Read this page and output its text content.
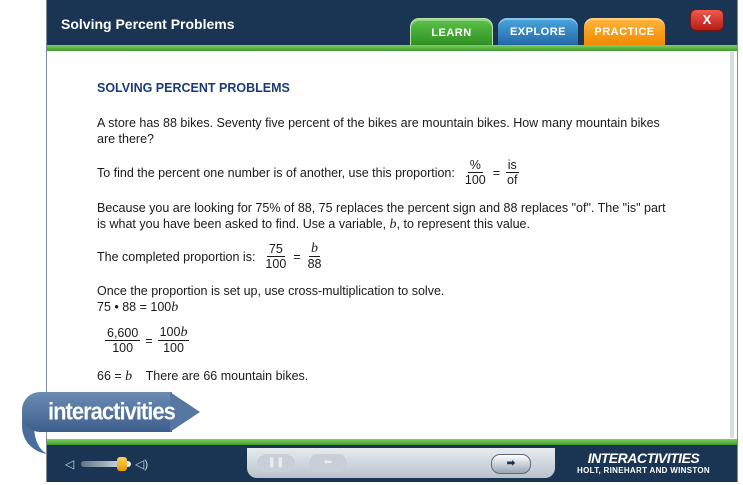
Solving Percent Problems
LEARN	EXPLORE	PRACTICE
X
SOLVING PERCENT PROBLEMS
A store has 88 bikes. Seventy five percent of the bikes are mountain bikes. How many mountain bikes are there?
To find the percent one number is of another, use this proportion: $\frac{\%}{100} = \frac{is}{of}$
Because you are looking for 75% of 88, 75 replaces the percent sign and 88 replaces "of". The "is" part is what you have been asked to find. Use a variable, b, to represent this value.
The completed proportion is: $\frac{75}{100} = \frac{b}{88}$
Once the proportion is set up, use cross-multiplication to solve.
75 • 88 = 100b
$\frac{6,600}{100} = \frac{100b}{100}$
66 = b There are 66 mountain bikes.
◁	◁)	❚❚	⬅	➡	INTERACTIVITIES
HOLT, RINEHART AND WINSTON
interactivities
